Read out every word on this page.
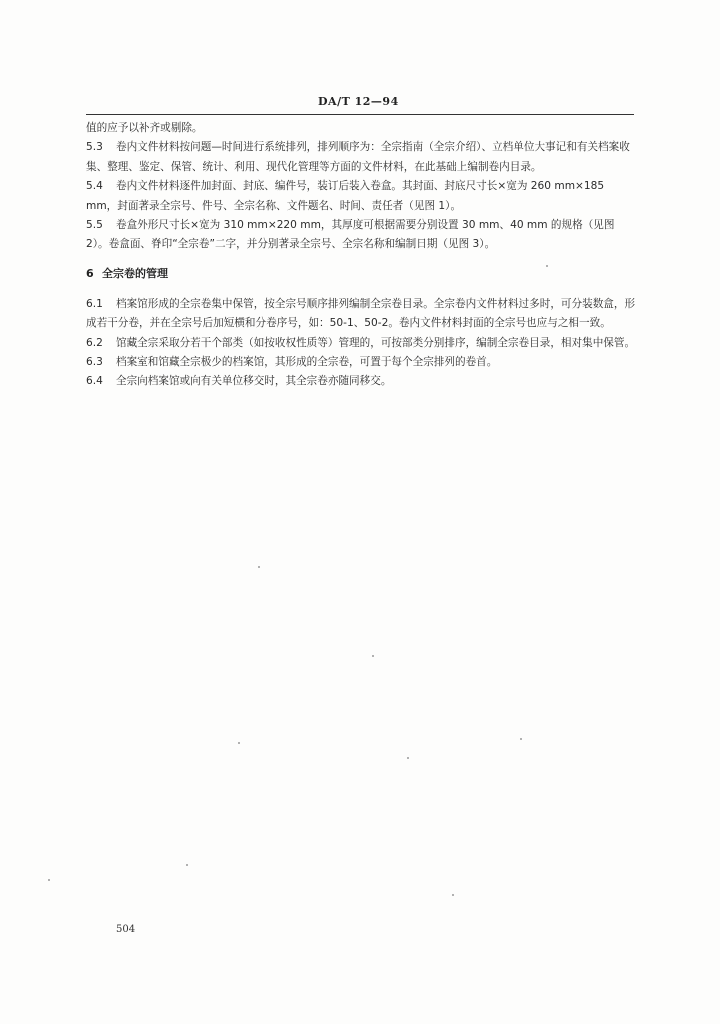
DA/T 12—94

值的应予以补齐或剔除。

5.3 卷内文件材料按问题—时间进行系统排列，排列顺序为：全宗指南（全宗介绍）、立档单位大事记和有关档案收集、整理、鉴定、保管、统计、利用、现代化管理等方面的文件材料，在此基础上编制卷内目录。

5.4 卷内文件材料逐件加封面、封底、编件号，装订后装入卷盒。其封面、封底尺寸长×宽为 260 mm×185 mm，封面著录全宗号、件号、全宗名称、文件题名、时间、责任者（见图 1）。

5.5 卷盒外形尺寸长×宽为 310 mm×220 mm，其厚度可根据需要分别设置 30 mm、40 mm 的规格（见图 2）。卷盒面、脊印“全宗卷”二字，并分别著录全宗号、全宗名称和编制日期（见图 3）。

6 全宗卷的管理

6.1 档案馆形成的全宗卷集中保管，按全宗号顺序排列编制全宗卷目录。全宗卷内文件材料过多时，可分装数盒，形成若干分卷，并在全宗号后加短横和分卷序号，如：50-1、50-2。卷内文件材料封面的全宗号也应与之相一致。

6.2 馆藏全宗采取分若干个部类（如按收权性质等）管理的，可按部类分别排序，编制全宗卷目录，相对集中保管。

6.3 档案室和馆藏全宗极少的档案馆，其形成的全宗卷，可置于每个全宗排列的卷首。

6.4 全宗向档案馆或向有关单位移交时，其全宗卷亦随同移交。

504
